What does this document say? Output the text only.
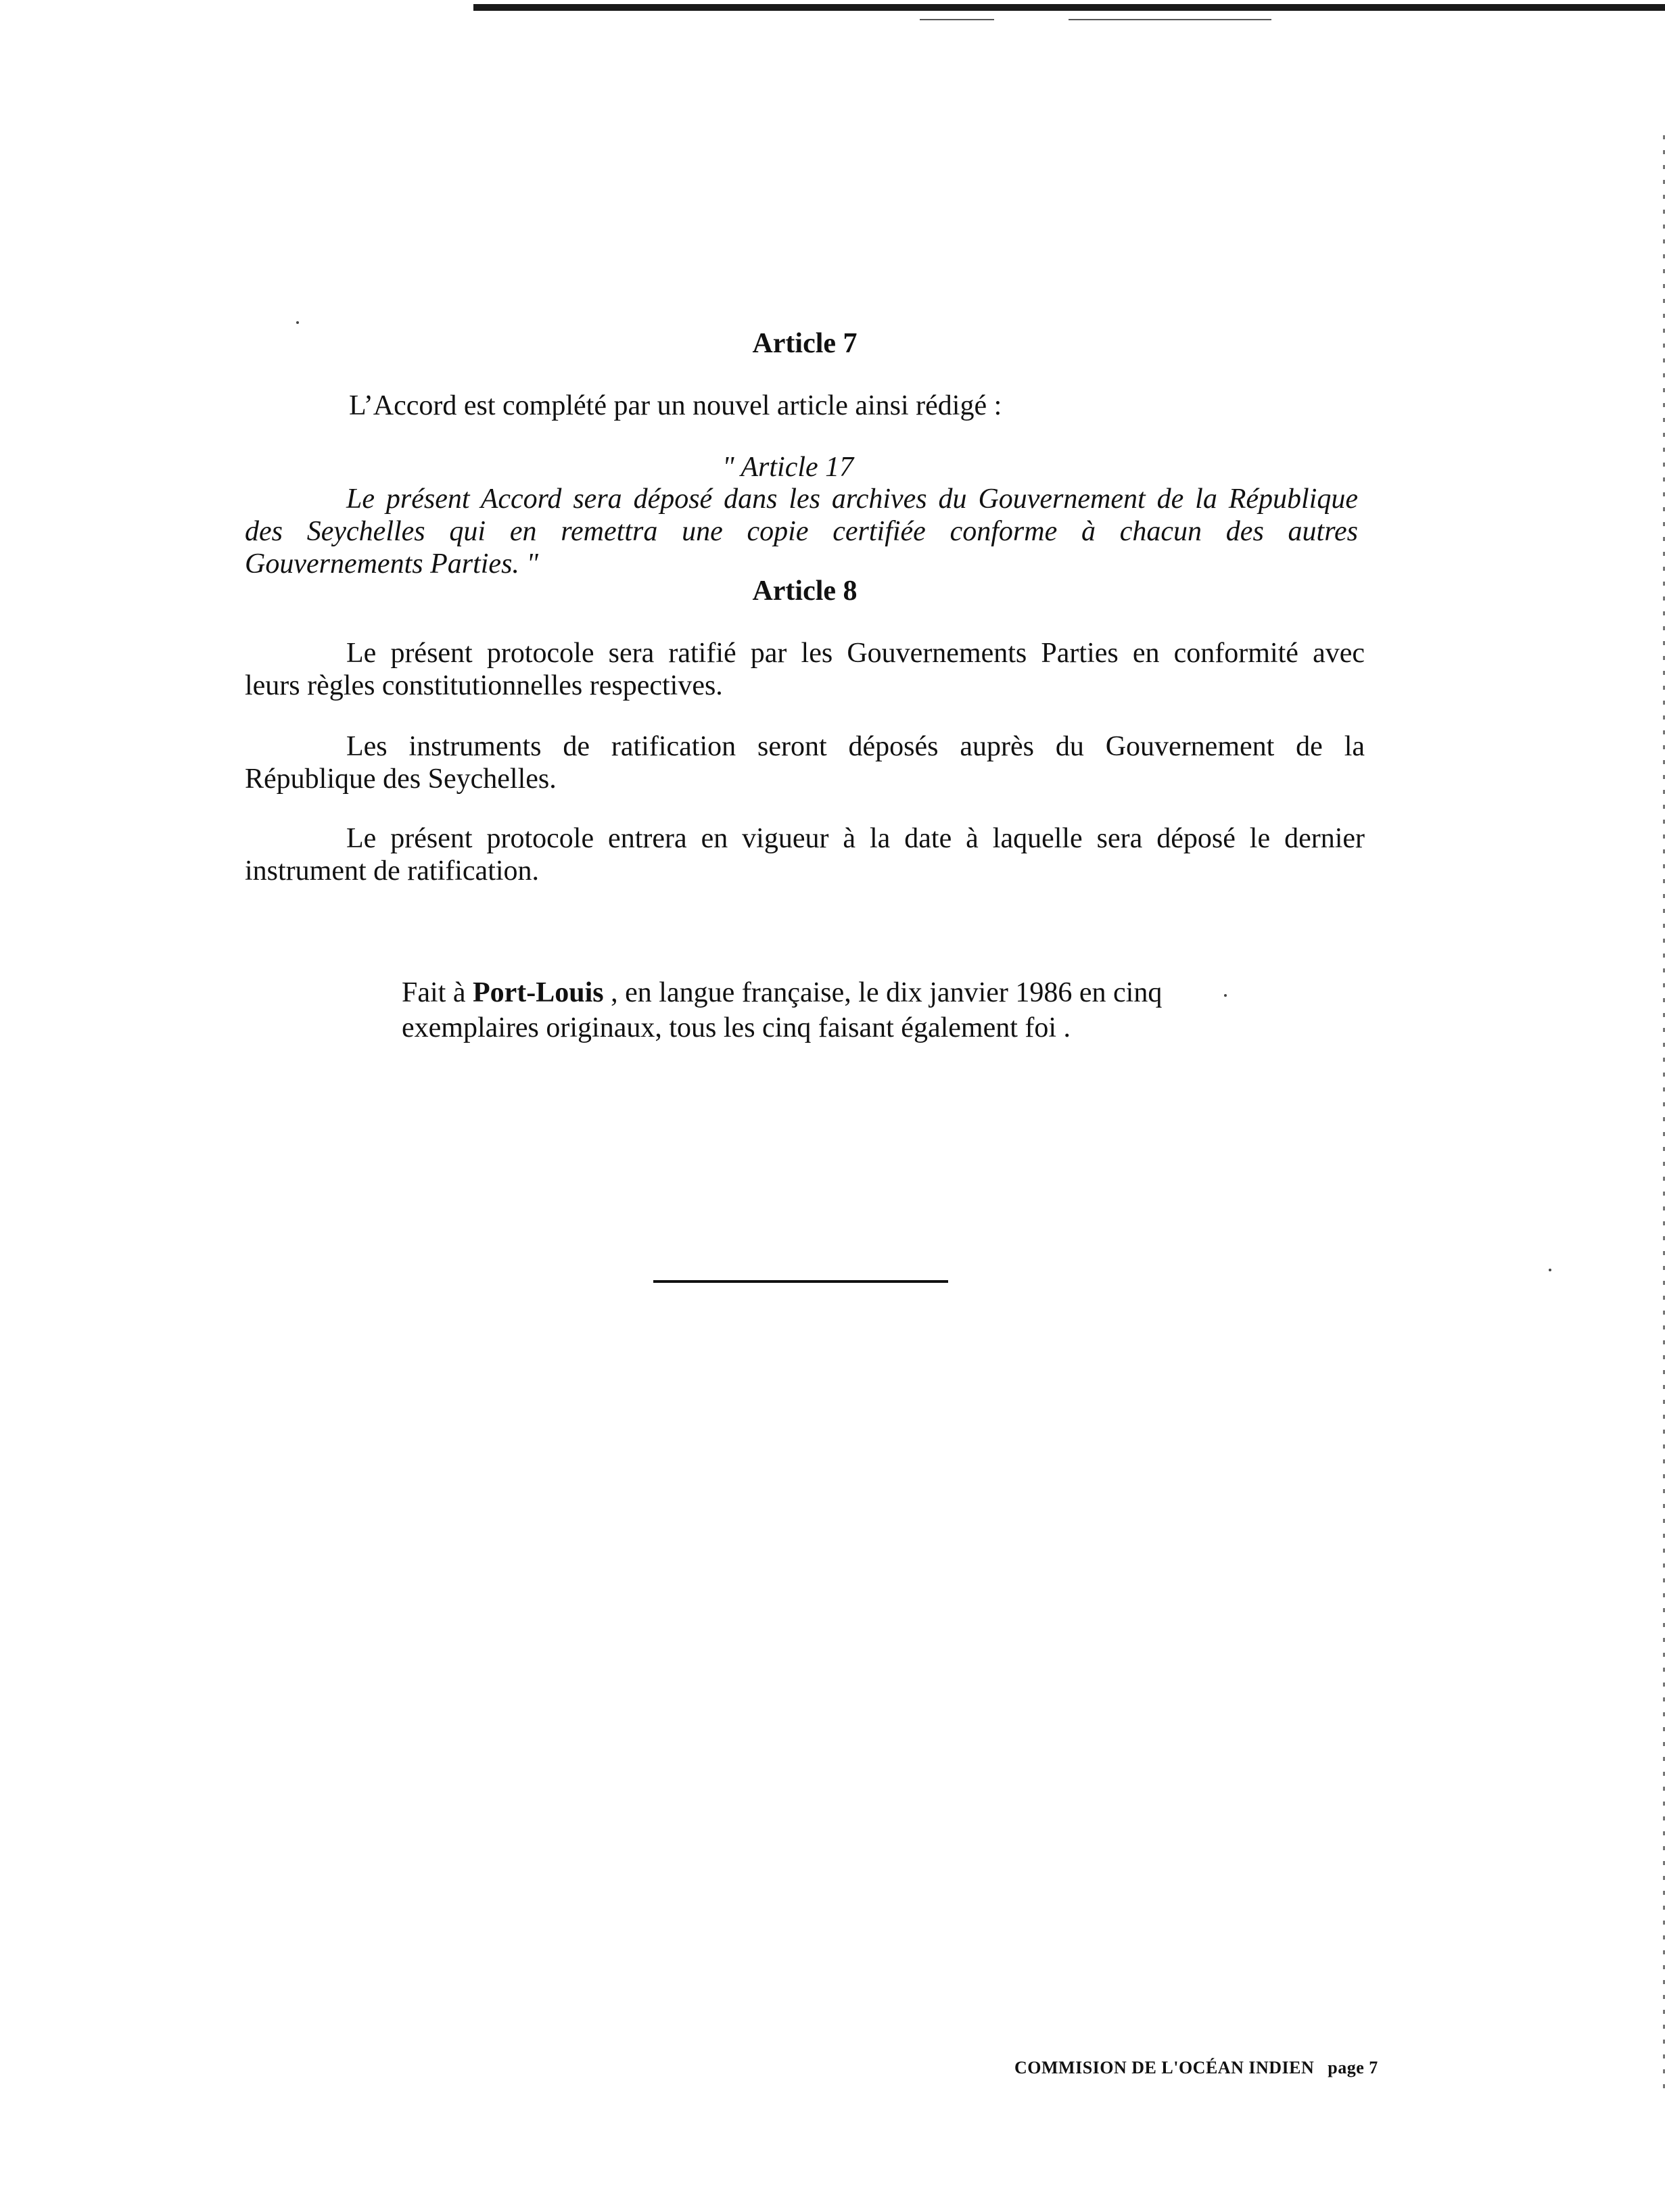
Article 7
L’Accord est complété par un nouvel article ainsi rédigé :
" Article 17
Le présent Accord sera déposé dans les archives du Gouvernement de la République
des Seychelles qui en remettra une copie certifiée conforme à chacun des autres
Gouvernements Parties. "
Article 8
Le présent protocole sera ratifié par les Gouvernements Parties en conformité avec
leurs règles constitutionnelles respectives.
Les instruments de ratification seront déposés auprès du Gouvernement de la
République des Seychelles.
Le présent protocole entrera en vigueur à la date à laquelle sera déposé le dernier
instrument de ratification.
Fait à Port-Louis , en langue française, le dix janvier 1986 en cinq
exemplaires originaux, tous les cinq faisant également foi .
COMMISION DE L'OCÉAN INDIEN page 7
